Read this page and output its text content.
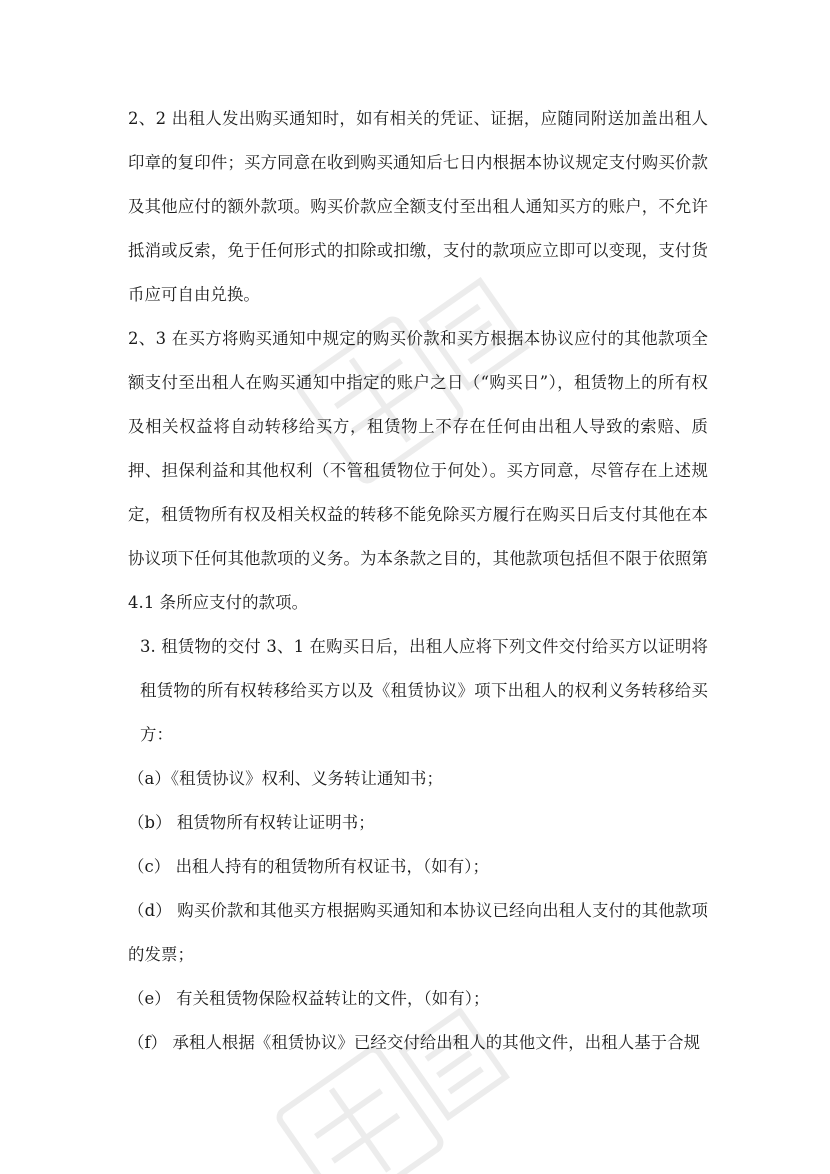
2、2 出租人发出购买通知时，如有相关的凭证、证据，应随同附送加盖出租人印章的复印件；买方同意在收到购买通知后七日内根据本协议规定支付购买价款及其他应付的额外款项。购买价款应全额支付至出租人通知买方的账户，不允许抵消或反索，免于任何形式的扣除或扣缴，支付的款项应立即可以变现，支付货币应可自由兑换。

2、3 在买方将购买通知中规定的购买价款和买方根据本协议应付的其他款项全额支付至出租人在购买通知中指定的账户之日（“购买日”），租赁物上的所有权及相关权益将自动转移给买方，租赁物上不存在任何由出租人导致的索赔、质押、担保利益和其他权利（不管租赁物位于何处）。买方同意，尽管存在上述规定，租赁物所有权及相关权益的转移不能免除买方履行在购买日后支付其他在本协议项下任何其他款项的义务。为本条款之目的，其他款项包括但不限于依照第 4.1 条所应支付的款项。

3. 租赁物的交付 3、1 在购买日后，出租人应将下列文件交付给买方以证明将租赁物的所有权转移给买方以及《租赁协议》项下出租人的权利义务转移给买方：

（a）《租赁协议》权利、义务转让通知书；

（b） 租赁物所有权转让证明书；

（c） 出租人持有的租赁物所有权证书，（如有）；

（d） 购买价款和其他买方根据购买通知和本协议已经向出租人支付的其他款项的发票；

（e） 有关租赁物保险权益转让的文件，（如有）；

（f） 承租人根据《租赁协议》已经交付给出租人的其他文件，出租人基于合规
